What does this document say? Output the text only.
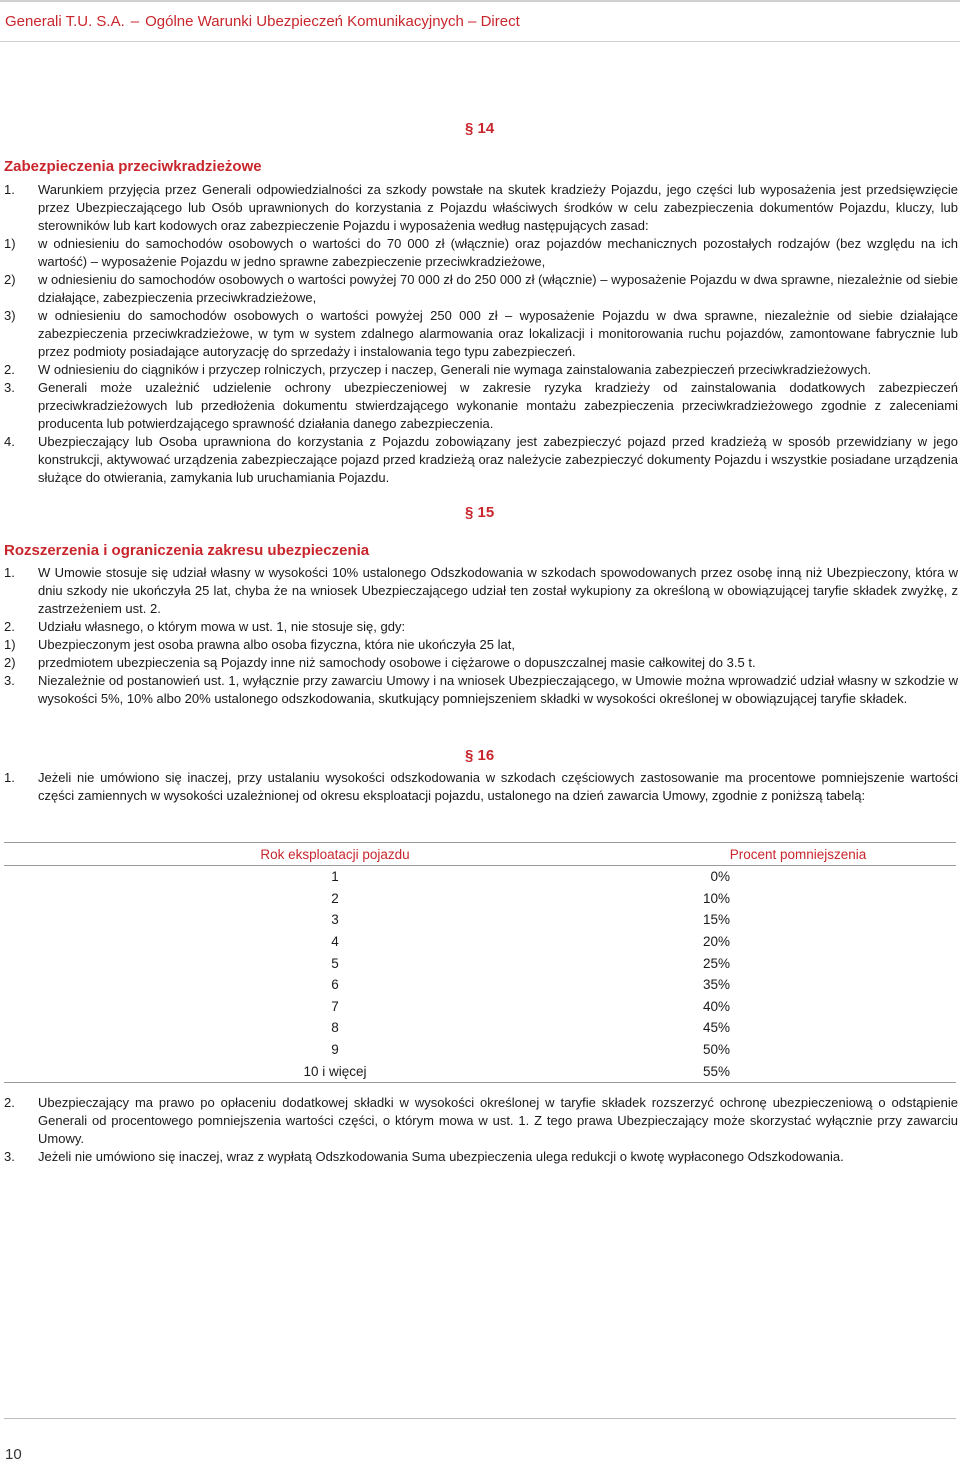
Generali T.U. S.A. – Ogólne Warunki Ubezpieczeń Komunikacyjnych – Direct
§ 14
Zabezpieczenia przeciwkradzieżowe
1. Warunkiem przyjęcia przez Generali odpowiedzialności za szkody powstałe na skutek kradzieży Pojazdu, jego części lub wyposażenia jest przedsięwzięcie przez Ubezpieczającego lub Osób uprawnionych do korzystania z Pojazdu właściwych środków w celu zabezpieczenia dokumentów Pojazdu, kluczy, lub sterowników lub kart kodowych oraz zabezpieczenie Pojazdu i wyposażenia według następujących zasad:
1) w odniesieniu do samochodów osobowych o wartości do 70 000 zł (włącznie) oraz pojazdów mechanicznych pozostałych rodzajów (bez względu na ich wartość) – wyposażenie Pojazdu w jedno sprawne zabezpieczenie przeciwkradzieżowe,
2) w odniesieniu do samochodów osobowych o wartości powyżej 70 000 zł do 250 000 zł (włącznie) – wyposażenie Pojazdu w dwa sprawne, niezależnie od siebie działające, zabezpieczenia przeciwkradzieżowe,
3) w odniesieniu do samochodów osobowych o wartości powyżej 250 000 zł – wyposażenie Pojazdu w dwa sprawne, niezależnie od siebie działające zabezpieczenia przeciwkradzieżowe, w tym w system zdalnego alarmowania oraz lokalizacji i monitorowania ruchu pojazdów, zamontowane fabrycznie lub przez podmioty posiadające autoryzację do sprzedaży i instalowania tego typu zabezpieczeń.
2. W odniesieniu do ciągników i przyczep rolniczych, przyczep i naczep, Generali nie wymaga zainstalowania zabezpieczeń przeciwkradzieżowych.
3. Generali może uzależnić udzielenie ochrony ubezpieczeniowej w zakresie ryzyka kradzieży od zainstalowania dodatkowych zabezpieczeń przeciwkradzieżowych lub przedłożenia dokumentu stwierdzającego wykonanie montażu zabezpieczenia przeciwkradzieżowego zgodnie z zaleceniami producenta lub potwierdzającego sprawność działania danego zabezpieczenia.
4. Ubezpieczający lub Osoba uprawniona do korzystania z Pojazdu zobowiązany jest zabezpieczyć pojazd przed kradzieżą w sposób przewidziany w jego konstrukcji, aktywować urządzenia zabezpieczające pojazd przed kradzieżą oraz należycie zabezpieczyć dokumenty Pojazdu i wszystkie posiadane urządzenia służące do otwierania, zamykania lub uruchamiania Pojazdu.
§ 15
Rozszerzenia i ograniczenia zakresu ubezpieczenia
1. W Umowie stosuje się udział własny w wysokości 10% ustalonego Odszkodowania w szkodach spowodowanych przez osobę inną niż Ubezpieczony, która w dniu szkody nie ukończyła 25 lat, chyba że na wniosek Ubezpieczającego udział ten został wykupiony za określoną w obowiązującej taryfie składek zwyżkę, z zastrzeżeniem ust. 2.
2. Udziału własnego, o którym mowa w ust. 1, nie stosuje się, gdy:
1) Ubezpieczonym jest osoba prawna albo osoba fizyczna, która nie ukończyła 25 lat,
2) przedmiotem ubezpieczenia są Pojazdy inne niż samochody osobowe i ciężarowe o dopuszczalnej masie całkowitej do 3.5 t.
3. Niezależnie od postanowień ust. 1, wyłącznie przy zawarciu Umowy i na wniosek Ubezpieczającego, w Umowie można wprowadzić udział własny w szkodzie w wysokości 5%, 10% albo 20% ustalonego odszkodowania, skutkujący pomniejszeniem składki w wysokości określonej w obowiązującej taryfie składek.
§ 16
1. Jeżeli nie umówiono się inaczej, przy ustalaniu wysokości odszkodowania w szkodach częściowych zastosowanie ma procentowe pomniejszenie wartości części zamiennych w wysokości uzależnionej od okresu eksploatacji pojazdu, ustalonego na dzień zawarcia Umowy, zgodnie z poniższą tabelą:
Rok eksploatacji pojazdu	Procent pomniejszenia
1	0%
2	10%
3	15%
4	20%
5	25%
6	35%
7	40%
8	45%
9	50%
10 i więcej	55%
2. Ubezpieczający ma prawo po opłaceniu dodatkowej składki w wysokości określonej w taryfie składek rozszerzyć ochronę ubezpieczeniową o odstąpienie Generali od procentowego pomniejszenia wartości części, o którym mowa w ust. 1. Z tego prawa Ubezpieczający może skorzystać wyłącznie przy zawarciu Umowy.
3. Jeżeli nie umówiono się inaczej, wraz z wypłatą Odszkodowania Suma ubezpieczenia ulega redukcji o kwotę wypłaconego Odszkodowania.
10
